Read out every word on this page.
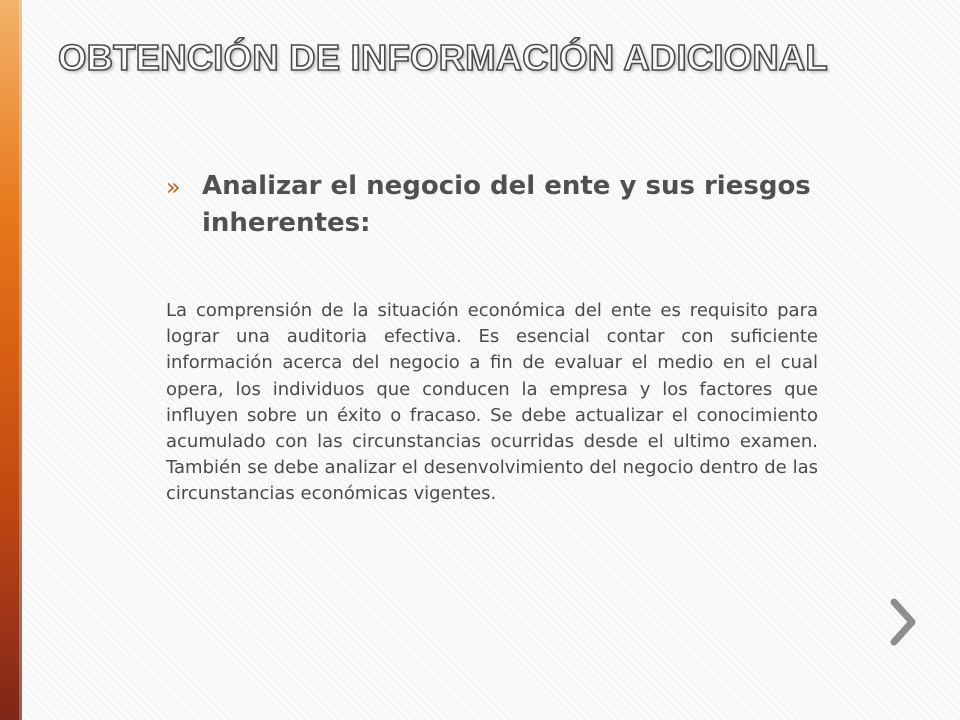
OBTENCIÓN DE INFORMACIÓN ADICIONAL
» Analizar el negocio del ente y sus riesgos inherentes:

La comprensión de la situación económica del ente es requisito para lograr una auditoria efectiva. Es esencial contar con suficiente información acerca del negocio a fin de evaluar el medio en el cual opera, los individuos que conducen la empresa y los factores que influyen sobre un éxito o fracaso. Se debe actualizar el conocimiento acumulado con las circunstancias ocurridas desde el ultimo examen. También se debe analizar el desenvolvimiento del negocio dentro de las circunstancias económicas vigentes.
